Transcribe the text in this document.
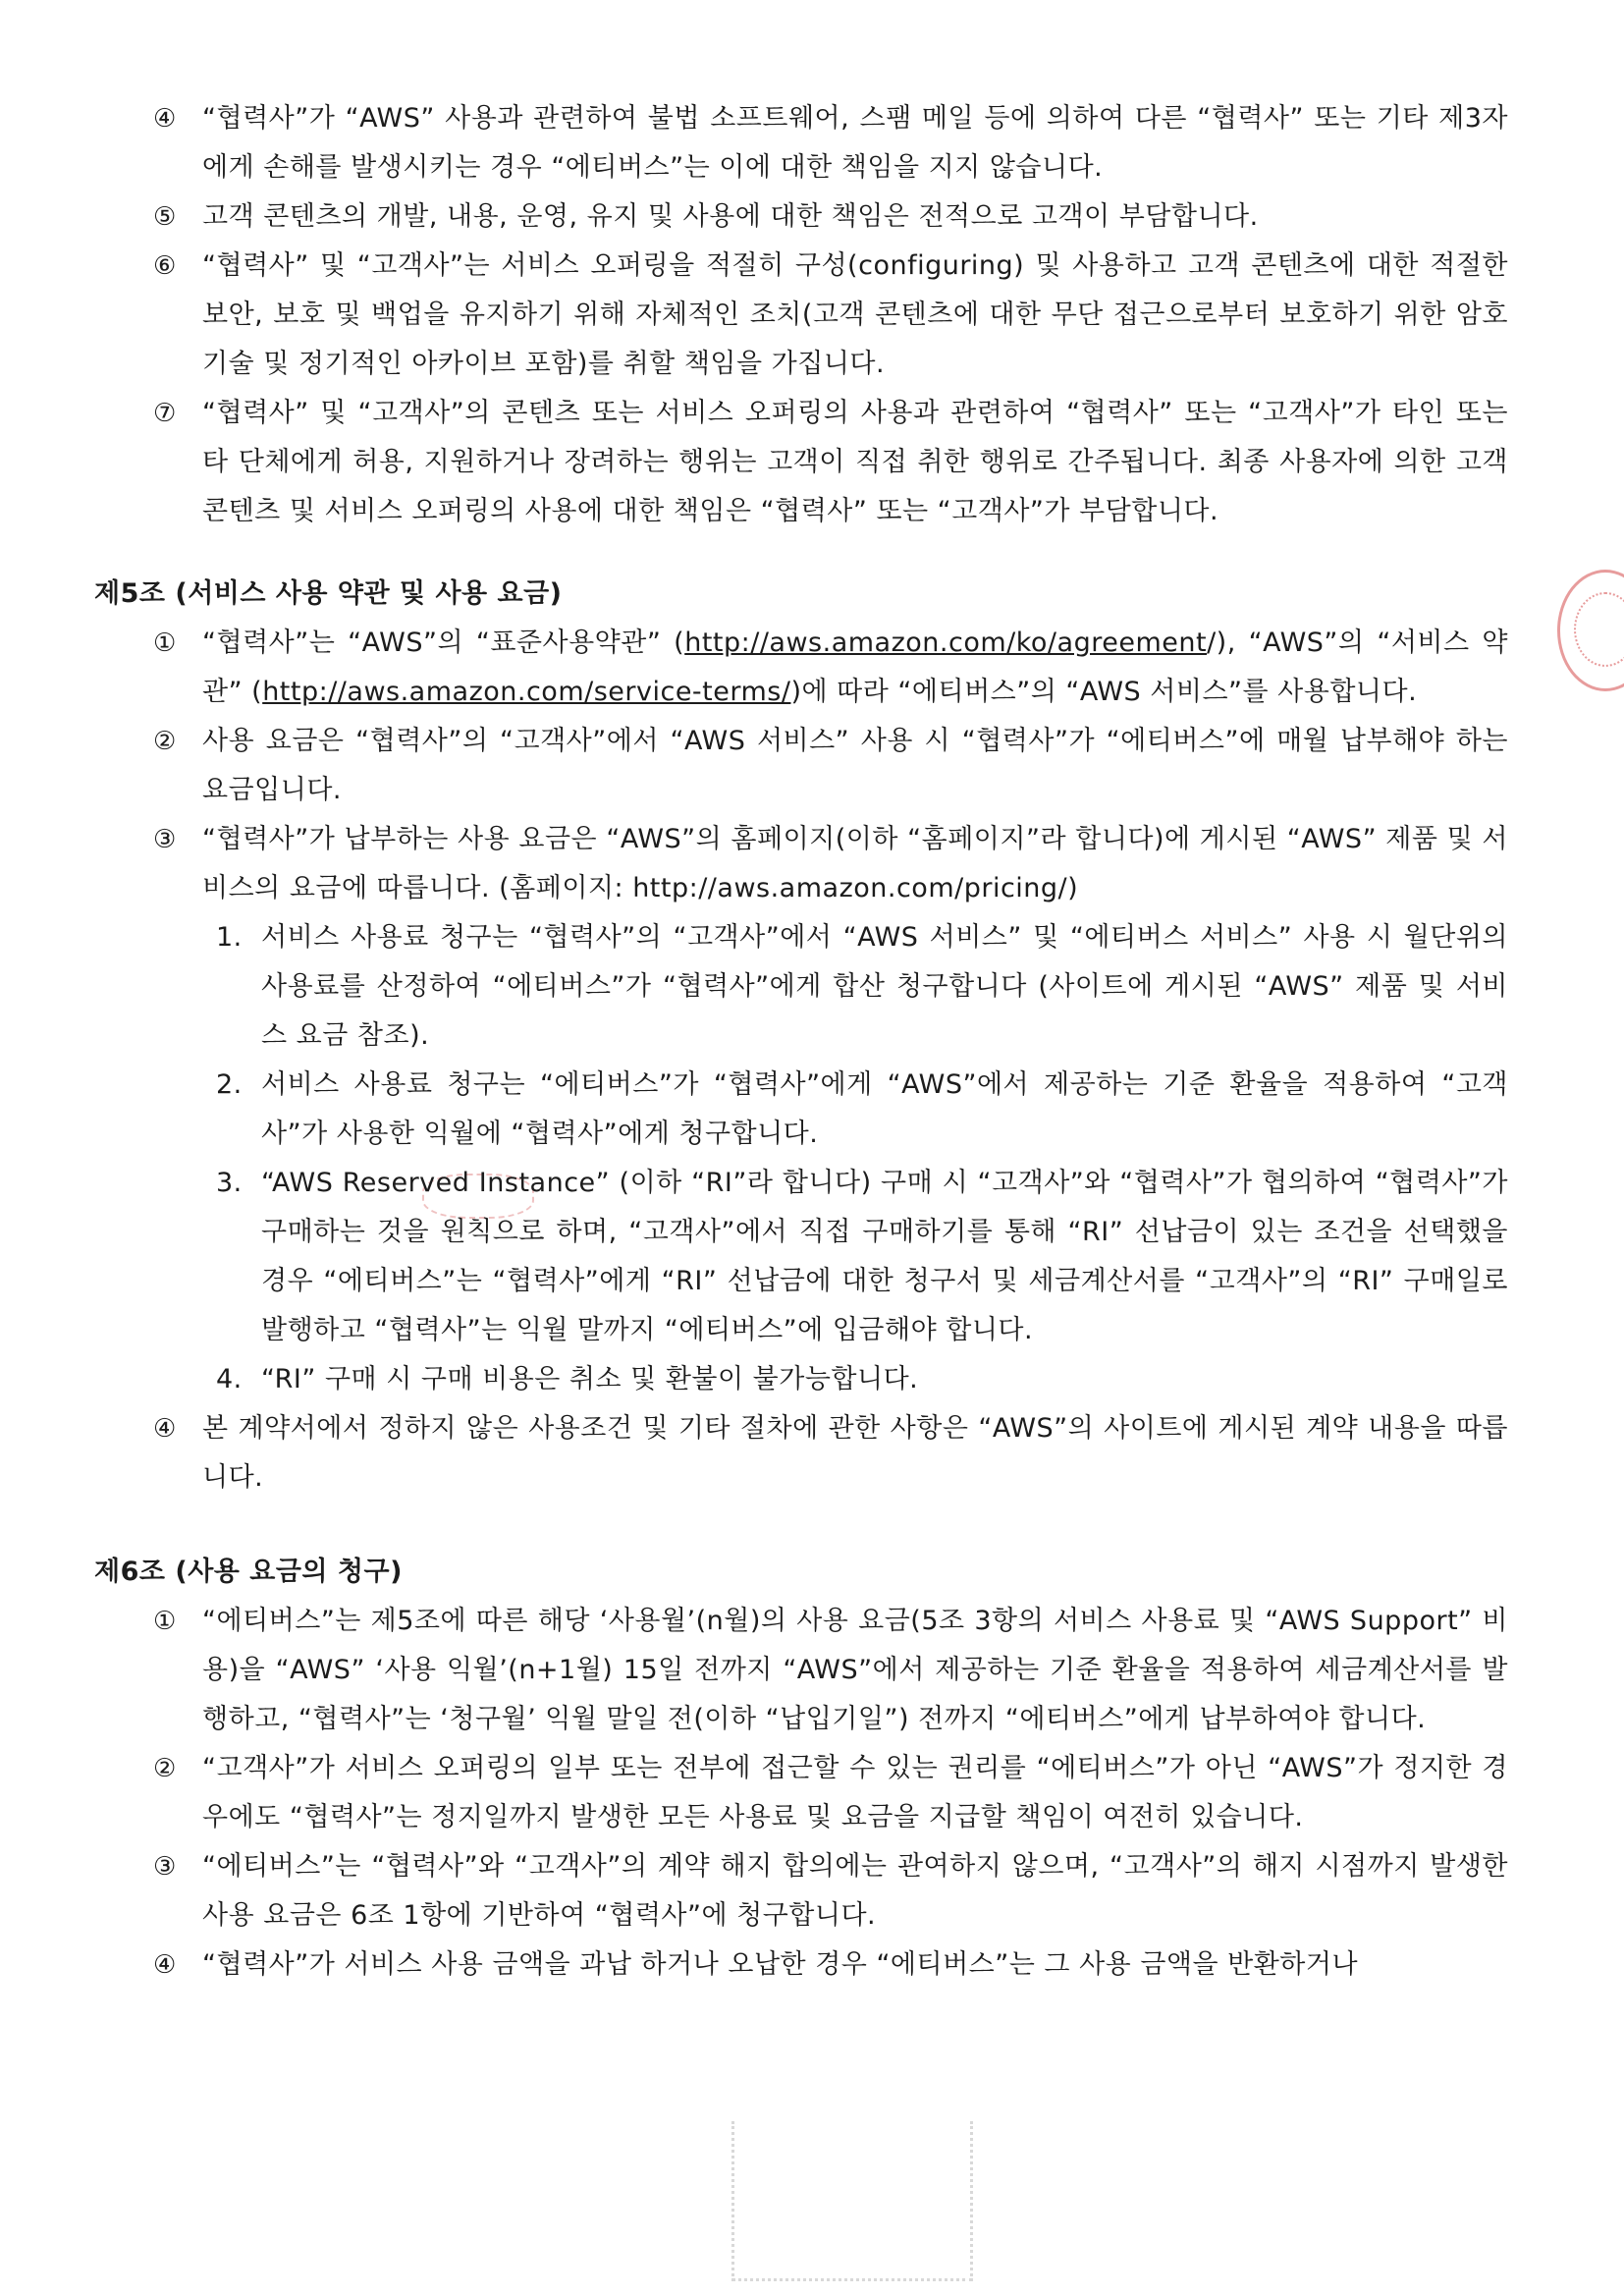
④ “협력사”가 “AWS” 사용과 관련하여 불법 소프트웨어, 스팸 메일 등에 의하여 다른 “협력사” 또는 기타 제3자에게 손해를 발생시키는 경우 “에티버스”는 이에 대한 책임을 지지 않습니다.
⑤ 고객 콘텐츠의 개발, 내용, 운영, 유지 및 사용에 대한 책임은 전적으로 고객이 부담합니다.
⑥ “협력사” 및 “고객사”는 서비스 오퍼링을 적절히 구성(configuring) 및 사용하고 고객 콘텐츠에 대한 적절한 보안, 보호 및 백업을 유지하기 위해 자체적인 조치(고객 콘텐츠에 대한 무단 접근으로부터 보호하기 위한 암호 기술 및 정기적인 아카이브 포함)를 취할 책임을 가집니다.
⑦ “협력사” 및 “고객사”의 콘텐츠 또는 서비스 오퍼링의 사용과 관련하여 “협력사” 또는 “고객사”가 타인 또는 타 단체에게 허용, 지원하거나 장려하는 행위는 고객이 직접 취한 행위로 간주됩니다. 최종 사용자에 의한 고객 콘텐츠 및 서비스 오퍼링의 사용에 대한 책임은 “협력사” 또는 “고객사”가 부담합니다.
제5조 (서비스 사용 약관 및 사용 요금)
① “협력사”는 “AWS”의 “표준사용약관” (http://aws.amazon.com/ko/agreement/), “AWS”의 “서비스 약관” (http://aws.amazon.com/service-terms/)에 따라 “에티버스”의 “AWS 서비스”를 사용합니다.
② 사용 요금은 “협력사”의 “고객사”에서 “AWS 서비스” 사용 시 “협력사”가 “에티버스”에 매월 납부해야 하는 요금입니다.
③ “협력사”가 납부하는 사용 요금은 “AWS”의 홈페이지(이하 “홈페이지”라 합니다)에 게시된 “AWS” 제품 및 서비스의 요금에 따릅니다. (홈페이지: http://aws.amazon.com/pricing/)
1. 서비스 사용료 청구는 “협력사”의 “고객사”에서 “AWS 서비스” 및 “에티버스 서비스” 사용 시 월단위의 사용료를 산정하여 “에티버스”가 “협력사”에게 합산 청구합니다 (사이트에 게시된 “AWS” 제품 및 서비스 요금 참조).
2. 서비스 사용료 청구는 “에티버스”가 “협력사”에게 “AWS”에서 제공하는 기준 환율을 적용하여 “고객사”가 사용한 익월에 “협력사”에게 청구합니다.
3. “AWS Reserved Instance” (이하 “RI”라 합니다) 구매 시 “고객사”와 “협력사”가 협의하여 “협력사”가 구매하는 것을 원칙으로 하며, “고객사”에서 직접 구매하기를 통해 “RI” 선납금이 있는 조건을 선택했을 경우 “에티버스”는 “협력사”에게 “RI” 선납금에 대한 청구서 및 세금계산서를 “고객사”의 “RI” 구매일로 발행하고 “협력사”는 익월 말까지 “에티버스”에 입금해야 합니다.
4. “RI” 구매 시 구매 비용은 취소 및 환불이 불가능합니다.
④ 본 계약서에서 정하지 않은 사용조건 및 기타 절차에 관한 사항은 “AWS”의 사이트에 게시된 계약 내용을 따릅니다.
제6조 (사용 요금의 청구)
① “에티버스”는 제5조에 따른 해당 ‘사용월’(n월)의 사용 요금(5조 3항의 서비스 사용료 및 “AWS Support” 비용)을 “AWS” ‘사용 익월’(n+1월) 15일 전까지 “AWS”에서 제공하는 기준 환율을 적용하여 세금계산서를 발행하고, “협력사”는 ‘청구월’ 익월 말일 전(이하 “납입기일”) 전까지 “에티버스”에게 납부하여야 합니다.
② “고객사”가 서비스 오퍼링의 일부 또는 전부에 접근할 수 있는 권리를 “에티버스”가 아닌 “AWS”가 정지한 경우에도 “협력사”는 정지일까지 발생한 모든 사용료 및 요금을 지급할 책임이 여전히 있습니다.
③ “에티버스”는 “협력사”와 “고객사”의 계약 해지 합의에는 관여하지 않으며, “고객사”의 해지 시점까지 발생한 사용 요금은 6조 1항에 기반하여 “협력사”에 청구합니다.
④ “협력사”가 서비스 사용 금액을 과납 하거나 오납한 경우 “에티버스”는 그 사용 금액을 반환하거나
